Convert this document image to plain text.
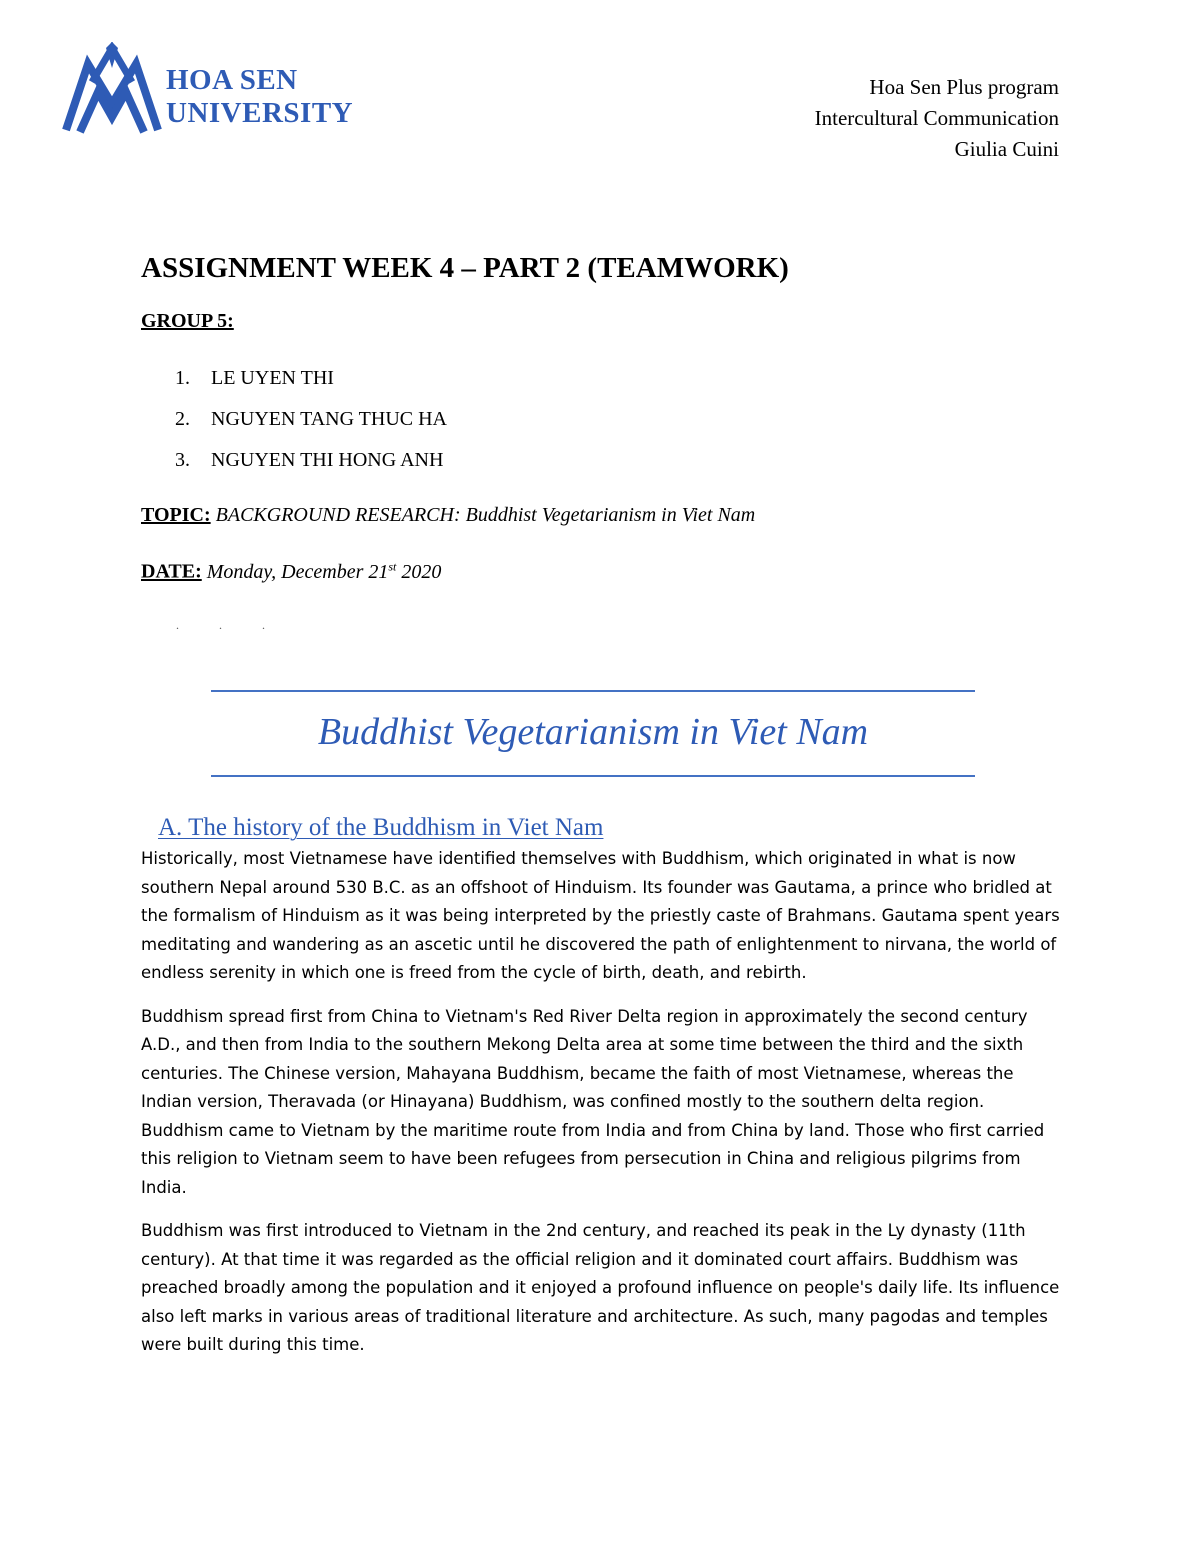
HOA SEN
UNIVERSITY
Hoa Sen Plus program
Intercultural Communication
Giulia Cuini
ASSIGNMENT WEEK 4 – PART 2 (TEAMWORK)
GROUP 5:
1. LE UYEN THI
2. NGUYEN TANG THUC HA
3. NGUYEN THI HONG ANH
TOPIC: BACKGROUND RESEARCH: Buddhist Vegetarianism in Viet Nam
DATE: Monday, December 21st 2020
...
Buddhist Vegetarianism in Viet Nam
A. The history of the Buddhism in Viet Nam

Historically, most Vietnamese have identified themselves with Buddhism, which originated in what is now southern Nepal around 530 B.C. as an offshoot of Hinduism. Its founder was Gautama, a prince who bridled at the formalism of Hinduism as it was being interpreted by the priestly caste of Brahmans. Gautama spent years meditating and wandering as an ascetic until he discovered the path of enlightenment to nirvana, the world of endless serenity in which one is freed from the cycle of birth, death, and rebirth.

Buddhism spread first from China to Vietnam's Red River Delta region in approximately the second century A.D., and then from India to the southern Mekong Delta area at some time between the third and the sixth centuries. The Chinese version, Mahayana Buddhism, became the faith of most Vietnamese, whereas the Indian version, Theravada (or Hinayana) Buddhism, was confined mostly to the southern delta region. Buddhism came to Vietnam by the maritime route from India and from China by land. Those who first carried this religion to Vietnam seem to have been refugees from persecution in China and religious pilgrims from India.

Buddhism was first introduced to Vietnam in the 2nd century, and reached its peak in the Ly dynasty (11th century). At that time it was regarded as the official religion and it dominated court affairs. Buddhism was preached broadly among the population and it enjoyed a profound influence on people's daily life. Its influence also left marks in various areas of traditional literature and architecture. As such, many pagodas and temples were built during this time.
